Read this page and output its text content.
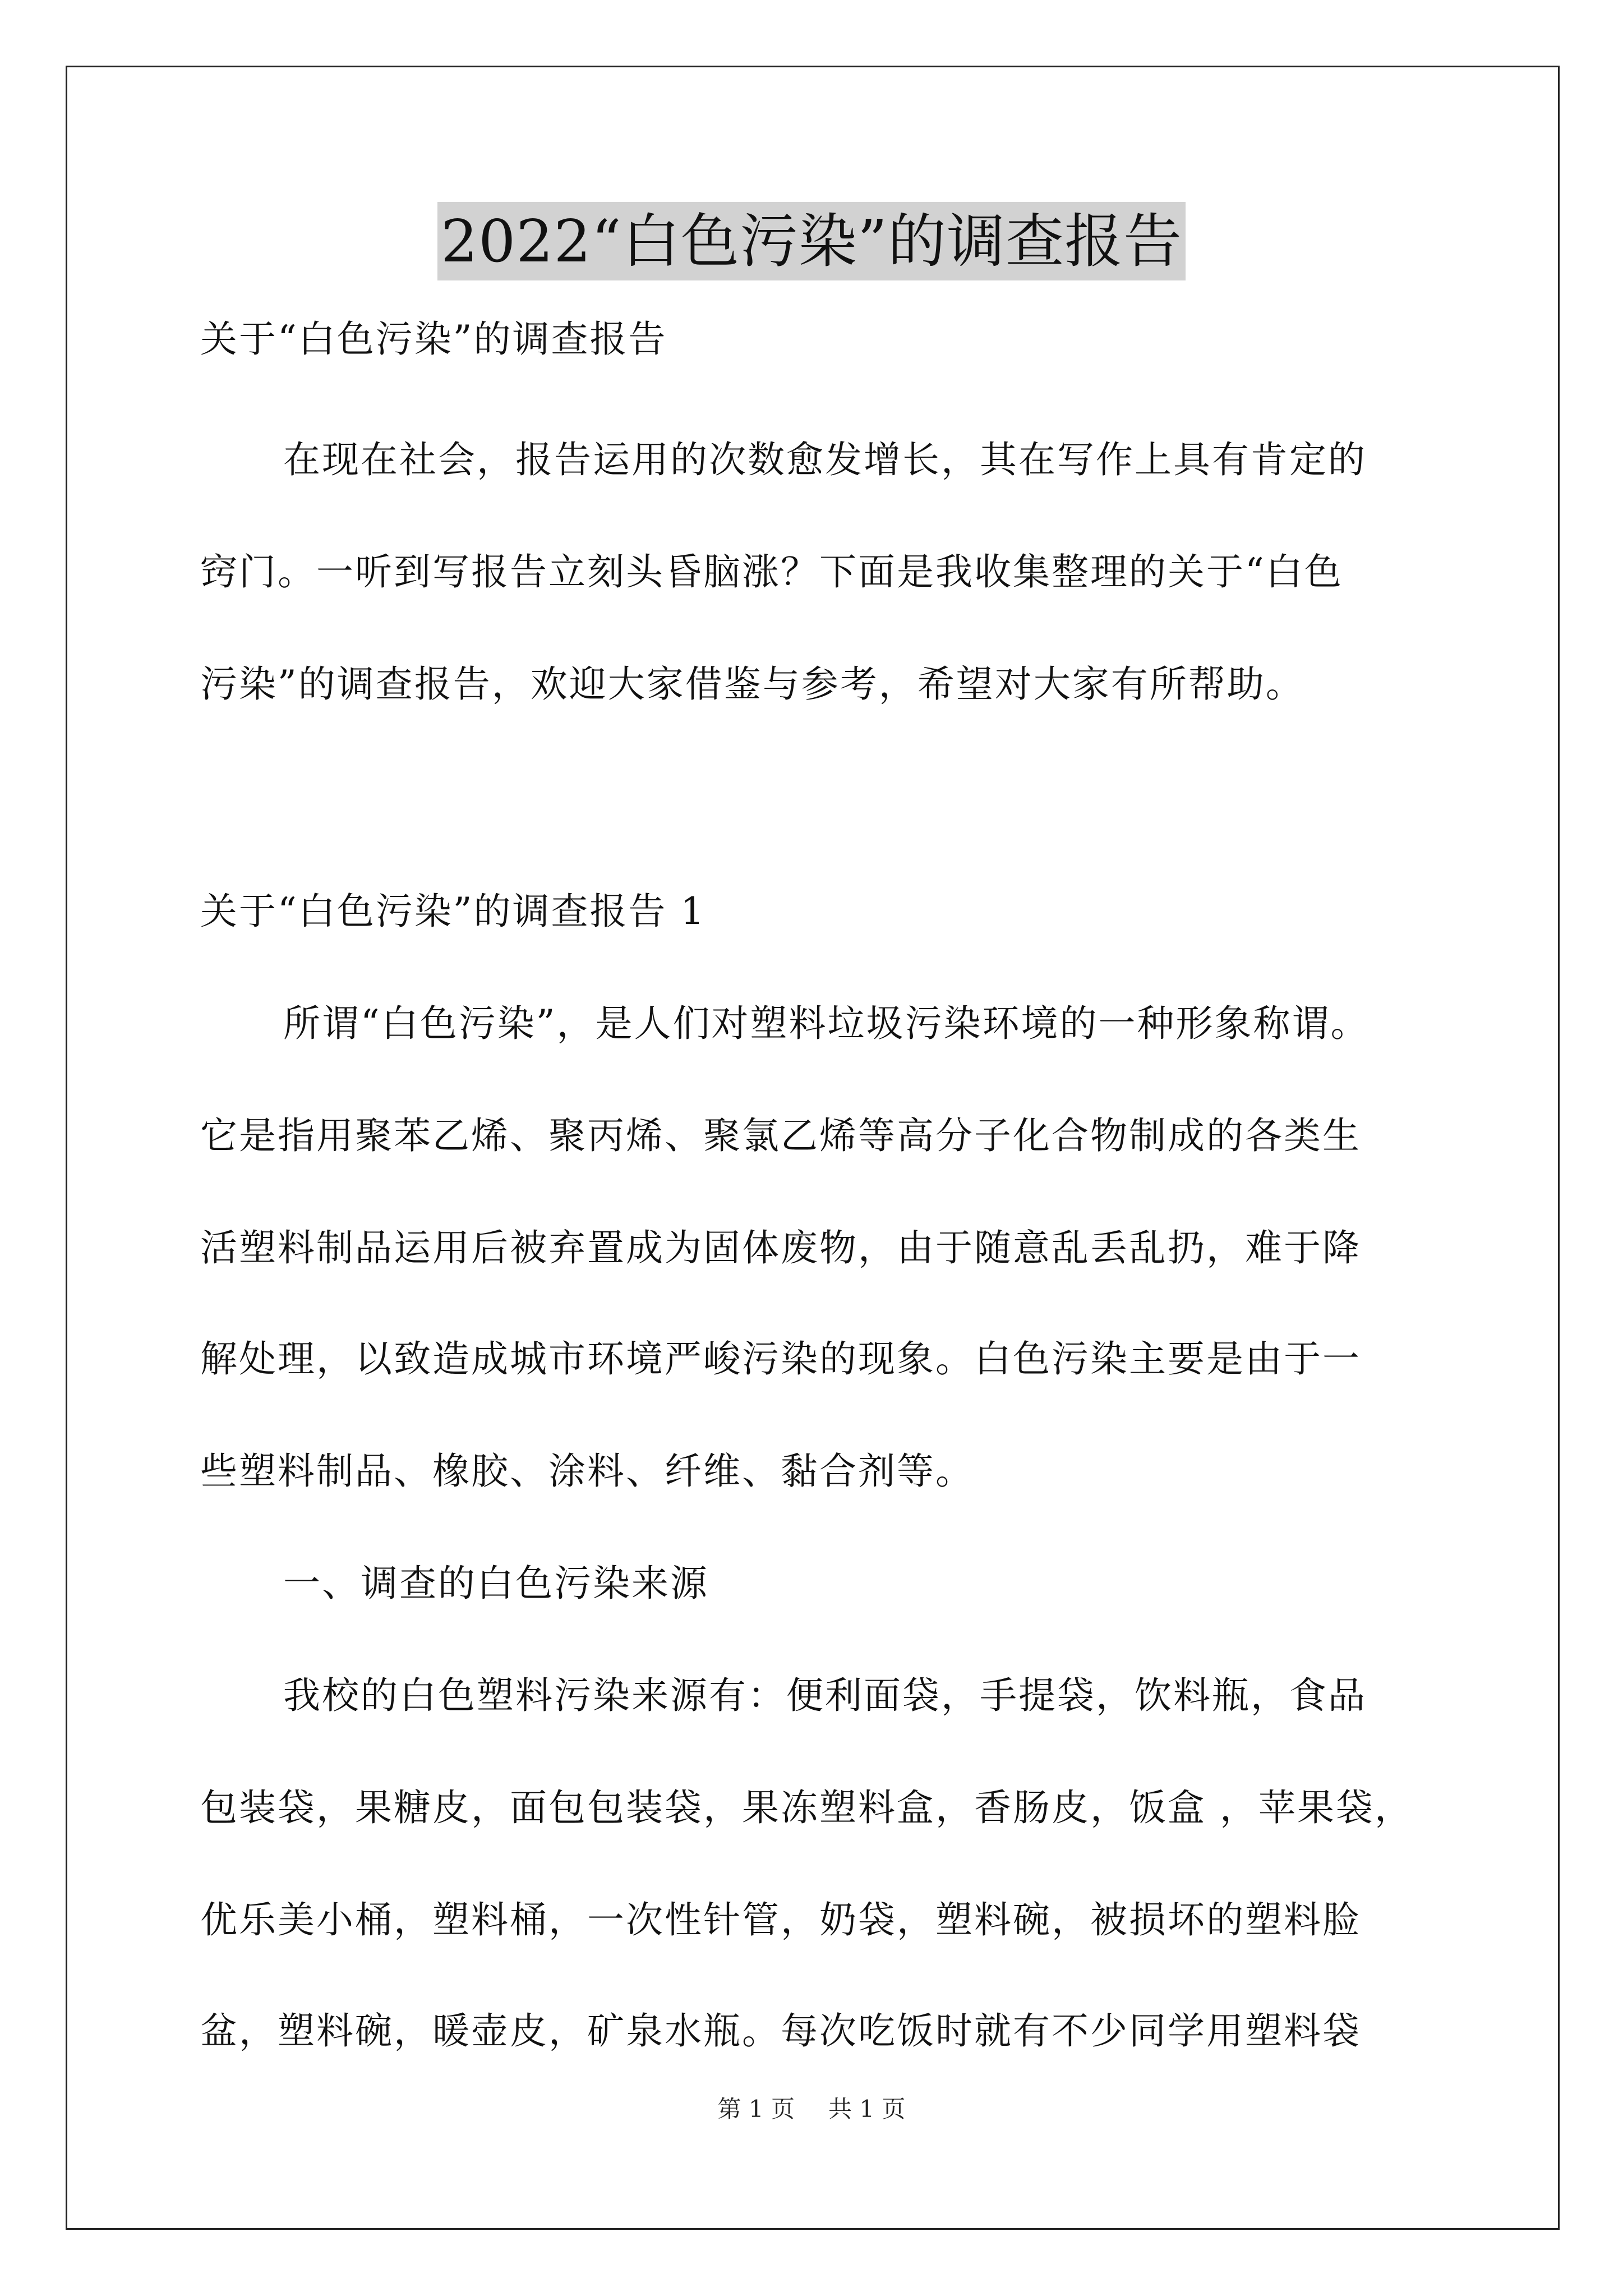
2022“白色污染”的调查报告
关于“白色污染”的调查报告
在现在社会，报告运用的次数愈发增长，其在写作上具有肯定的
窍门。一听到写报告立刻头昏脑涨？下面是我收集整理的关于“白色
污染”的调查报告，欢迎大家借鉴与参考，希望对大家有所帮助。
关于“白色污染”的调查报告 1
所谓“白色污染”，是人们对塑料垃圾污染环境的一种形象称谓。
它是指用聚苯乙烯、聚丙烯、聚氯乙烯等高分子化合物制成的各类生
活塑料制品运用后被弃置成为固体废物，由于随意乱丢乱扔，难于降
解处理，以致造成城市环境严峻污染的现象。白色污染主要是由于一
些塑料制品、橡胶、涂料、纤维、黏合剂等。
一、调查的白色污染来源
我校的白色塑料污染来源有：便利面袋，手提袋，饮料瓶，食品
包装袋，果糖皮，面包包装袋，果冻塑料盒，香肠皮，饭盒 ，苹果袋，
优乐美小桶，塑料桶，一次性针管，奶袋，塑料碗，被损坏的塑料脸
盆，塑料碗，暖壶皮，矿泉水瓶。每次吃饭时就有不少同学用塑料袋
第 1 页 共 1 页
